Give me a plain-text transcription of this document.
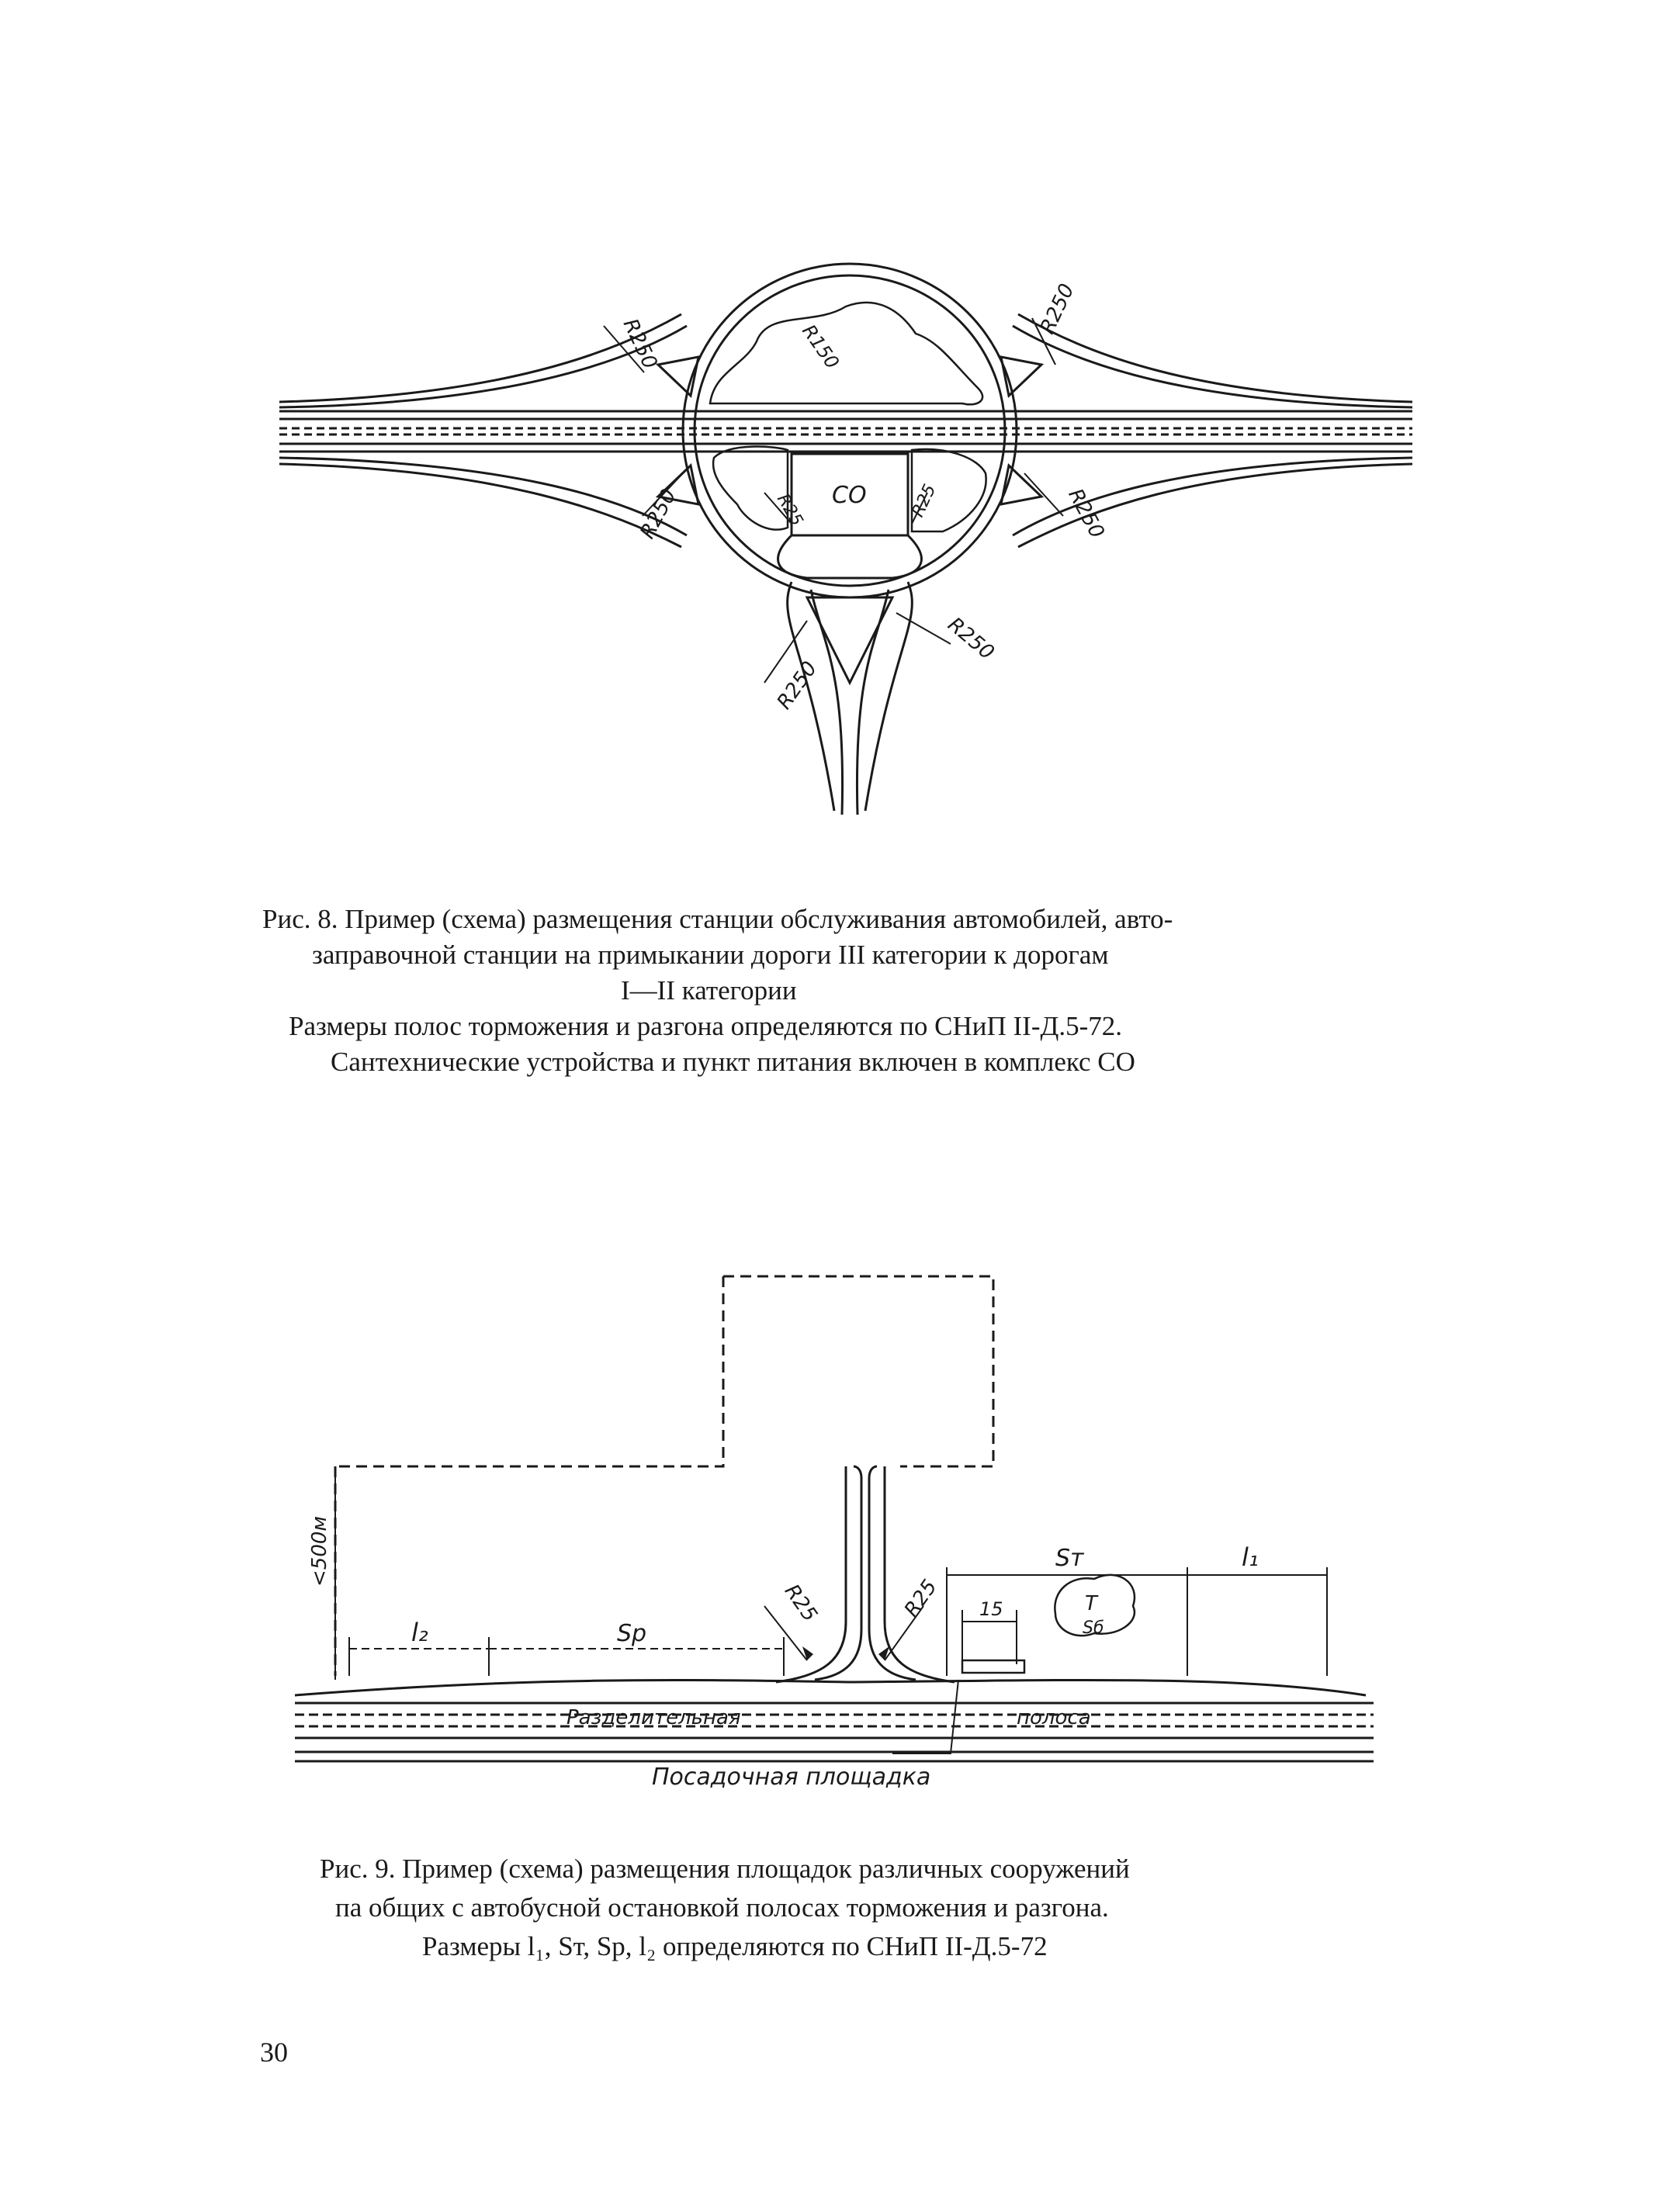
R250
R250
R250	R250
R250
R250
R150
R25	R25
CO
Рис. 8. Пример (схема) размещения станции обслуживания автомобилей, авто-
заправочной станции на примыкании дороги III категории к дорогам
I—II категории
Размеры полос торможения и разгона определяются по СНиП II-Д.5-72.
Сантехнические устройства и пункт питания включен в комплекс СО
<500м
l₂	Sр
R25	R25
Sт	l₁
15	T
Sб
Разделительная	полоса
Посадочная площадка
Рис. 9. Пример (схема) размещения площадок различных сооружений
па общих с автобусной остановкой полосах торможения и разгона.
Размеры l₁, Sт, Sр, l₂ определяются по СНиП II-Д.5-72
30
